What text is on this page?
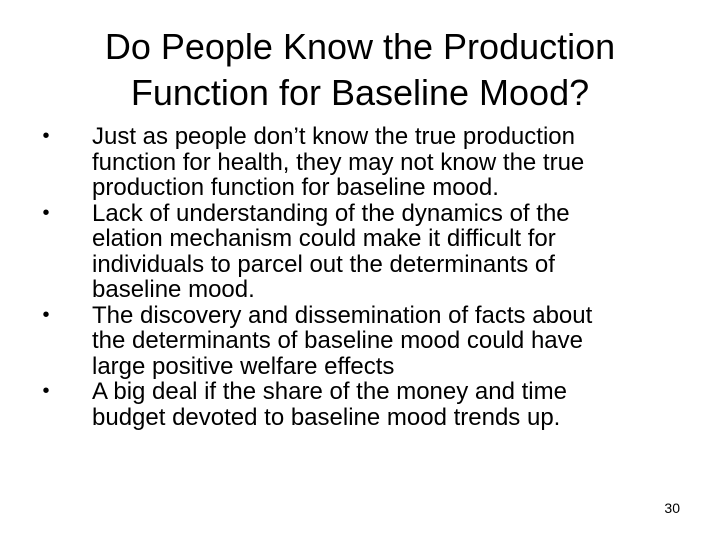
Do People Know the Production
Function for Baseline Mood?
• Just as people don’t know the true production
function for health, they may not know the true
production function for baseline mood.
• Lack of understanding of the dynamics of the
elation mechanism could make it difficult for
individuals to parcel out the determinants of
baseline mood.
• The discovery and dissemination of facts about
the determinants of baseline mood could have
large positive welfare effects
• A big deal if the share of the money and time
budget devoted to baseline mood trends up.
30
